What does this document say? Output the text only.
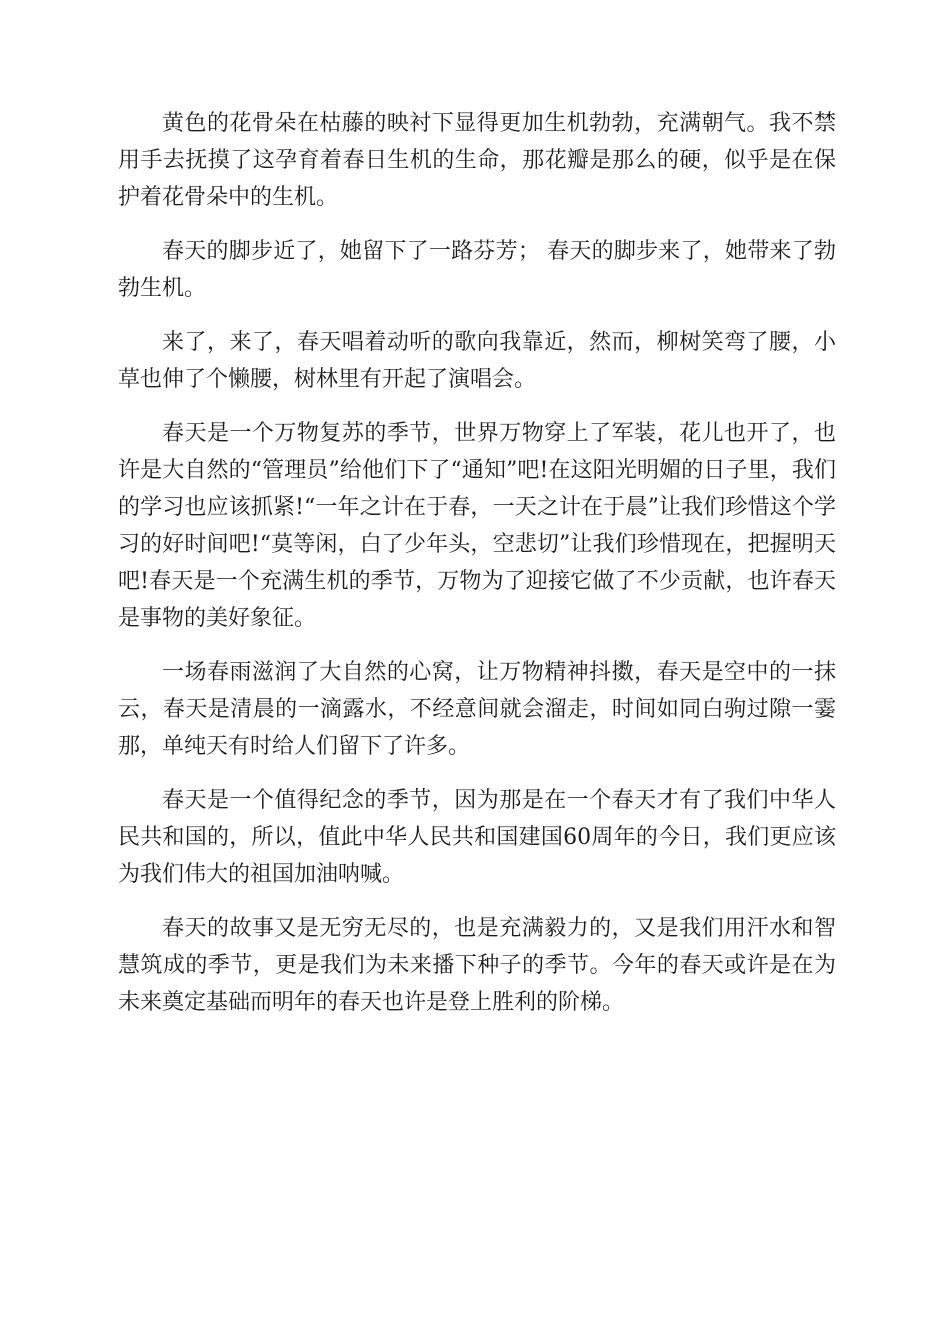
黄色的花骨朵在枯藤的映衬下显得更加生机勃勃，充满朝气。我不禁用手去抚摸了这孕育着春日生机的生命，那花瓣是那么的硬，似乎是在保护着花骨朵中的生机。

春天的脚步近了，她留下了一路芬芳； 春天的脚步来了，她带来了勃勃生机。

来了，来了，春天唱着动听的歌向我靠近，然而，柳树笑弯了腰，小草也伸了个懒腰，树林里有开起了演唱会。

春天是一个万物复苏的季节，世界万物穿上了军装，花儿也开了，也许是大自然的“管理员”给他们下了“通知”吧!在这阳光明媚的日子里，我们的学习也应该抓紧!“一年之计在于春，一天之计在于晨”让我们珍惜这个学习的好时间吧!“莫等闲，白了少年头，空悲切”让我们珍惜现在，把握明天吧!春天是一个充满生机的季节，万物为了迎接它做了不少贡献，也许春天是事物的美好象征。

一场春雨滋润了大自然的心窝，让万物精神抖擞，春天是空中的一抹云，春天是清晨的一滴露水，不经意间就会溜走，时间如同白驹过隙一霎那，单纯天有时给人们留下了许多。

春天是一个值得纪念的季节，因为那是在一个春天才有了我们中华人民共和国的，所以，值此中华人民共和国建国60周年的今日，我们更应该为我们伟大的祖国加油呐喊。

春天的故事又是无穷无尽的，也是充满毅力的，又是我们用汗水和智慧筑成的季节，更是我们为未来播下种子的季节。今年的春天或许是在为未来奠定基础而明年的春天也许是登上胜利的阶梯。
